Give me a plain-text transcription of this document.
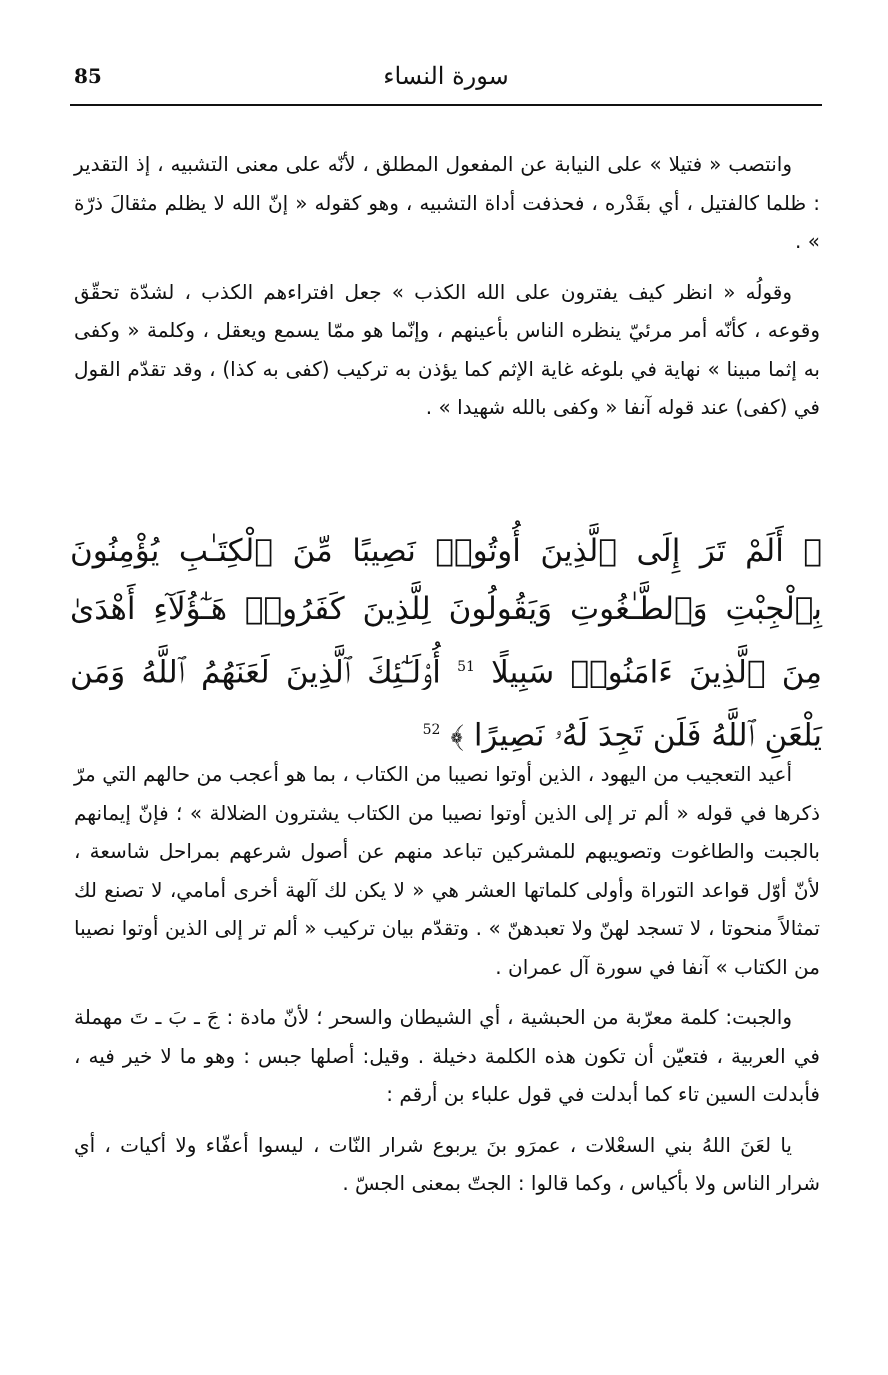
85	سورة النساء

وانتصب « فتيلا » على النيابة عن المفعول المطلق ، لأنّه على معنى التشبيه ، إذ التقدير : ظلما كالفتيل ، أي بقَدْره ، فحذفت أداة التشبيه ، وهو كقوله « إنّ الله لا يظلم مثقالَ ذرّة » .

وقولُه « انظر كيف يفترون على الله الكذب » جعل افتراءهم الكذب ، لشدّة تحقّق وقوعه ، كأنّه أمر مرئيّ ينظره الناس بأعينهم ، وإنّما هو ممّا يسمع ويعقل ، وكلمة « وكفى به إثما مبينا » نهاية في بلوغه غاية الإثم كما يؤذن به تركيب (كفى به كذا) ، وقد تقدّم القول في (كفى) عند قوله آنفا « وكفى بالله شهيدا » .

﴿ أَلَمْ تَرَ إِلَى ٱلَّذِينَ أُوتُوا۟ نَصِيبًا مِّنَ ٱلْكِتَـٰبِ يُؤْمِنُونَ بِٱلْجِبْتِ وَٱلطَّـٰغُوتِ وَيَقُولُونَ لِلَّذِينَ كَفَرُوا۟ هَـٰٓؤُلَآءِ أَهْدَىٰ مِنَ ٱلَّذِينَ ءَامَنُوا۟ سَبِيلًا $^{51}$ أُو۟لَـٰٓئِكَ ٱلَّذِينَ لَعَنَهُمُ ٱللَّهُ وَمَن يَلْعَنِ ٱللَّهُ فَلَن تَجِدَ لَهُۥ نَصِيرًا ﴾ $^{52}$

أعيد التعجيب من اليهود ، الذين أوتوا نصيبا من الكتاب ، بما هو أعجب من حالهم التي مرّ ذكرها في قوله « ألم تر إلى الذين أوتوا نصيبا من الكتاب يشترون الضلالة » ؛ فإنّ إيمانهم بالجبت والطاغوت وتصويبهم للمشركين تباعد منهم عن أصول شرعهم بمراحل شاسعة ، لأنّ أوّل قواعد التوراة وأولى كلماتها العشر هي « لا يكن لك آلهة أخرى أمامي، لا تصنع لك تمثالاً منحوتا ، لا تسجد لهنّ ولا تعبدهنّ » . وتقدّم بيان تركيب « ألم تر إلى الذين أوتوا نصيبا من الكتاب » آنفا في سورة آل عمران .

والجبت: كلمة معرّبة من الحبشية ، أي الشيطان والسحر ؛ لأنّ مادة : جَ ـ بَ ـ تَ مهملة في العربية ، فتعيّن أن تكون هذه الكلمة دخيلة . وقيل: أصلها جبس : وهو ما لا خير فيه ، فأبدلت السين تاء كما أبدلت في قول علباء بن أرقم :

يا لعَنَ اللهُ بني السعْلات ، عمرَو بنَ يربوع شرار النّات ، ليسوا أعفّاء ولا أكيات ، أي شرار الناس ولا بأكياس ، وكما قالوا : الجتّ بمعنى الجسّ .
